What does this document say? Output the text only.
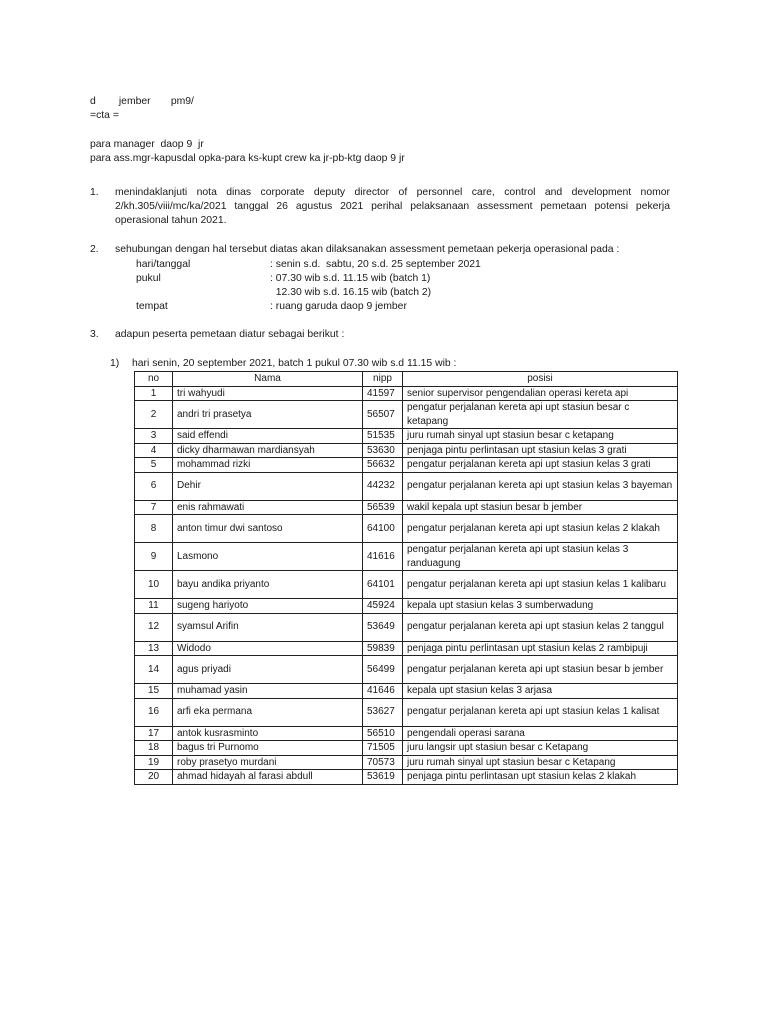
d        jember       pm9/
=cta =
para manager  daop 9  jr
para ass.mgr-kapusdal opka-para ks-kupt crew ka jr-pb-ktg daop 9 jr
1. menindaklanjuti nota dinas corporate deputy director of personnel care, control and development nomor 2/kh.305/viii/mc/ka/2021 tanggal 26 agustus 2021 perihal pelaksanaan assessment pemetaan potensi pekerja operasional tahun 2021.
2. sehubungan dengan hal tersebut diatas akan dilaksanakan assessment pemetaan pekerja operasional pada :
hari/tanggal	: senin s.d.  sabtu, 20 s.d. 25 september 2021
pukul	: 07.30 wib s.d. 11.15 wib (batch 1)
12.30 wib s.d. 16.15 wib (batch 2)
tempat	: ruang garuda daop 9 jember
3. adapun peserta pemetaan diatur sebagai berikut :
1) hari senin, 20 september 2021, batch 1 pukul 07.30 wib s.d 11.15 wib :
no	Nama	nipp	posisi
1	tri wahyudi	41597	senior supervisor pengendalian operasi kereta api
2	andri tri prasetya	56507	pengatur perjalanan kereta api upt stasiun besar c ketapang
3	said effendi	51535	juru rumah sinyal upt stasiun besar c ketapang
4	dicky dharmawan mardiansyah	53630	penjaga pintu perlintasan upt stasiun kelas 3 grati
5	mohammad rizki	56632	pengatur perjalanan kereta api upt stasiun kelas 3 grati
6	Dehir	44232	pengatur perjalanan kereta api upt stasiun kelas 3 bayeman
7	enis rahmawati	56539	wakil kepala upt stasiun besar b jember
8	anton timur dwi santoso	64100	pengatur perjalanan kereta api upt stasiun kelas 2 klakah
9	Lasmono	41616	pengatur perjalanan kereta api upt stasiun kelas 3 randuagung
10	bayu andika priyanto	64101	pengatur perjalanan kereta api upt stasiun kelas 1 kalibaru
11	sugeng hariyoto	45924	kepala upt stasiun kelas 3 sumberwadung
12	syamsul Arifin	53649	pengatur perjalanan kereta api upt stasiun kelas 2 tanggul
13	Widodo	59839	penjaga pintu perlintasan upt stasiun kelas 2 rambipuji
14	agus priyadi	56499	pengatur perjalanan kereta api upt stasiun besar b jember
15	muhamad yasin	41646	kepala upt stasiun kelas 3 arjasa
16	arfi eka permana	53627	pengatur perjalanan kereta api upt stasiun kelas 1 kalisat
17	antok kusrasminto	56510	pengendali operasi sarana
18	bagus tri Purnomo	71505	juru langsir upt stasiun besar c Ketapang
19	roby prasetyo murdani	70573	juru rumah sinyal upt stasiun besar c Ketapang
20	ahmad hidayah al farasi abdull	53619	penjaga pintu perlintasan upt stasiun kelas 2 klakah
